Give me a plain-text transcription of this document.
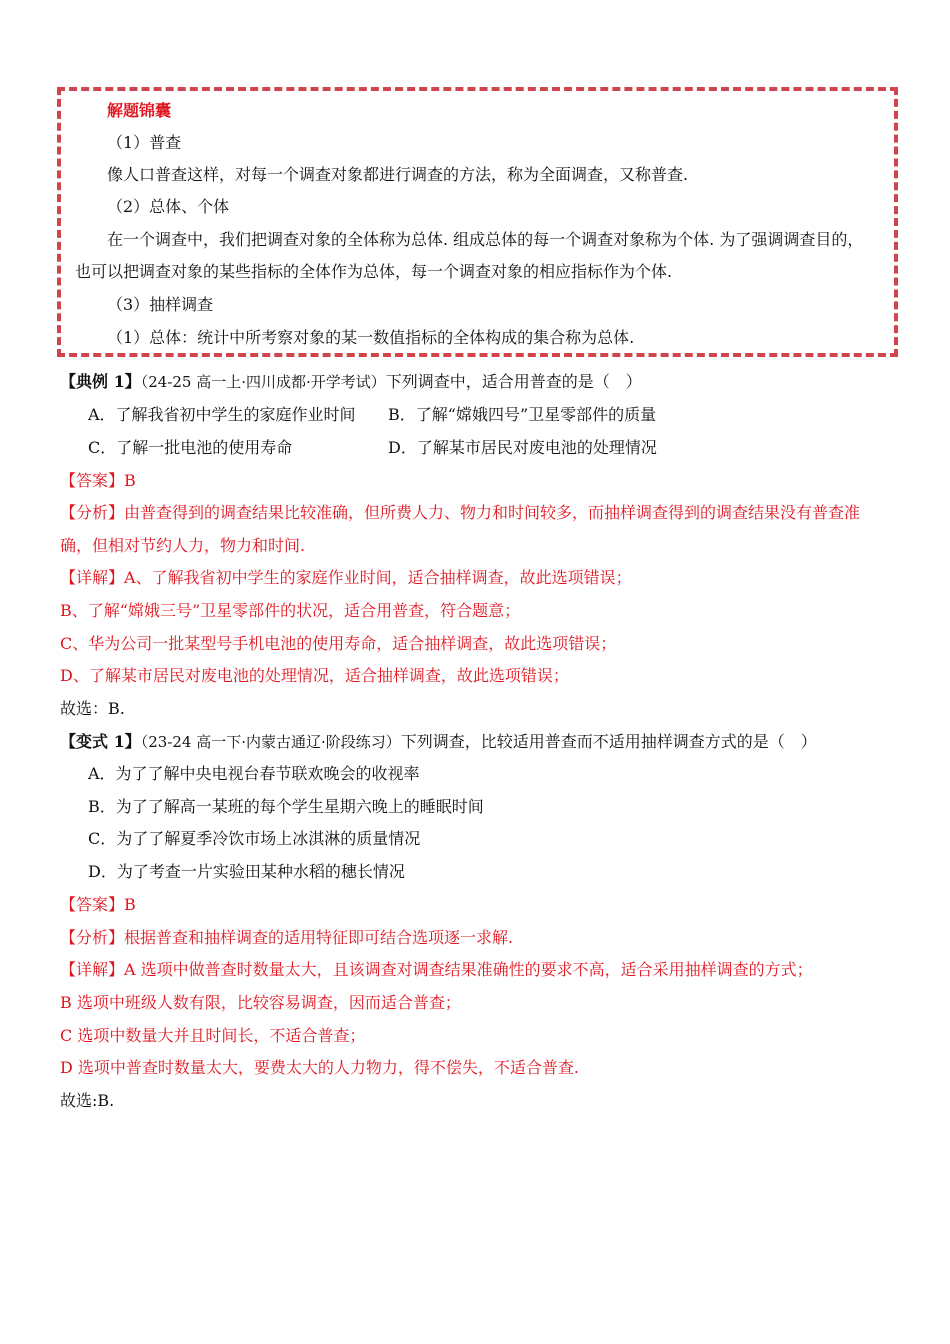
解题锦囊
（1）普查
像人口普查这样，对每一个调查对象都进行调查的方法，称为全面调查，又称普查.
（2）总体、个体
在一个调查中，我们把调查对象的全体称为总体. 组成总体的每一个调查对象称为个体. 为了强调调查目的，
也可以把调查对象的某些指标的全体作为总体，每一个调查对象的相应指标作为个体.
（3）抽样调查
（1）总体：统计中所考察对象的某一数值指标的全体构成的集合称为总体.
【典例 1】（24-25 高一上·四川成都·开学考试）下列调查中，适合用普查的是（　）
A．了解我省初中学生的家庭作业时间 B．了解“嫦娥四号”卫星零部件的质量
C．了解一批电池的使用寿命	D．了解某市居民对废电池的处理情况
【答案】B
【分析】由普查得到的调查结果比较准确，但所费人力、物力和时间较多，而抽样调查得到的调查结果没有普查准
确，但相对节约人力，物力和时间.
【详解】A、了解我省初中学生的家庭作业时间，适合抽样调查，故此选项错误；
B、了解“嫦娥三号”卫星零部件的状况，适合用普查，符合题意；
C、华为公司一批某型号手机电池的使用寿命，适合抽样调查，故此选项错误；
D、了解某市居民对废电池的处理情况，适合抽样调查，故此选项错误；
故选：B.
【变式 1】（23-24 高一下·内蒙古通辽·阶段练习）下列调查，比较适用普查而不适用抽样调查方式的是（　）
A．为了了解中央电视台春节联欢晚会的收视率
B．为了了解高一某班的每个学生星期六晚上的睡眠时间
C．为了了解夏季冷饮市场上冰淇淋的质量情况
D．为了考查一片实验田某种水稻的穗长情况
【答案】B
【分析】根据普查和抽样调查的适用特征即可结合选项逐一求解.
【详解】A 选项中做普查时数量太大，且该调查对调查结果准确性的要求不高，适合采用抽样调查的方式；
B 选项中班级人数有限，比较容易调查，因而适合普查；
C 选项中数量大并且时间长，不适合普查；
D 选项中普查时数量太大，要费太大的人力物力，得不偿失，不适合普查.
故选:B.
